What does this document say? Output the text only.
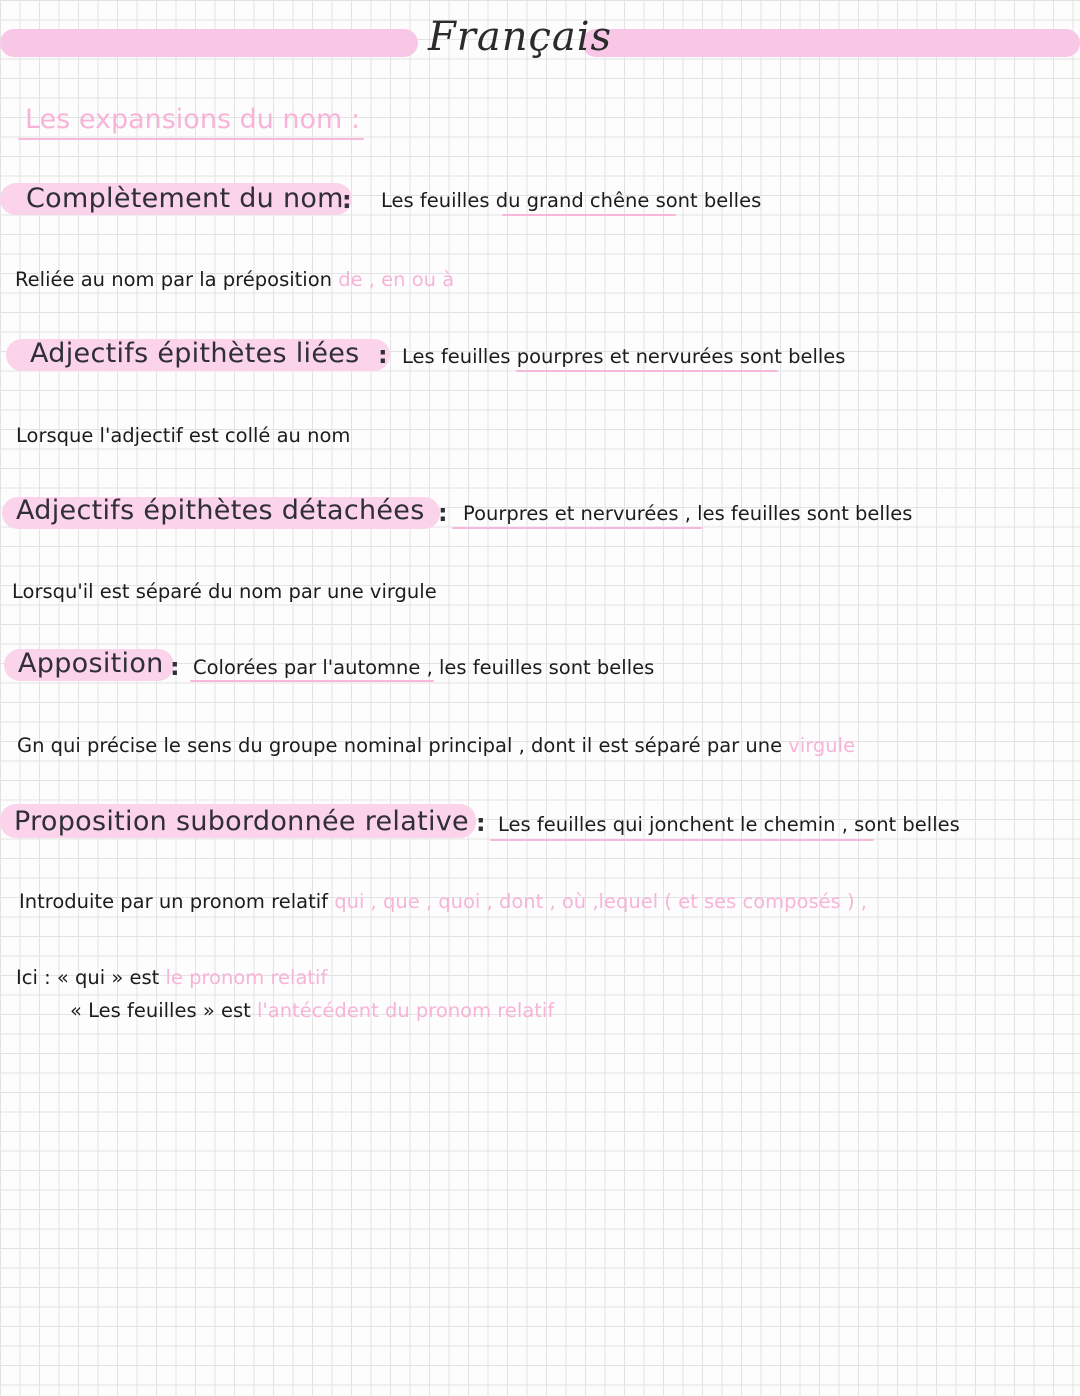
Français
Les expansions du nom :
Complètement du nom
: Les feuilles du grand chêne sont belles
Reliée au nom par la préposition de , en ou à
Adjectifs épithètes liées : Les feuilles pourpres et nervurées sont belles
Lorsque l'adjectif est collé au nom
Adjectifs épithètes détachées : Pourpres et nervurées , les feuilles sont belles
Lorsqu'il est séparé du nom par une virgule
Apposition : Colorées par l'automne , les feuilles sont belles
Gn qui précise le sens du groupe nominal principal , dont il est séparé par une virgule
Proposition subordonnée relative : Les feuilles qui jonchent le chemin , sont belles
Introduite par un pronom relatif qui , que , quoi , dont , où ,lequel ( et ses composés ) ,
Ici : « qui » est le pronom relatif
« Les feuilles » est l'antécédent du pronom relatif
